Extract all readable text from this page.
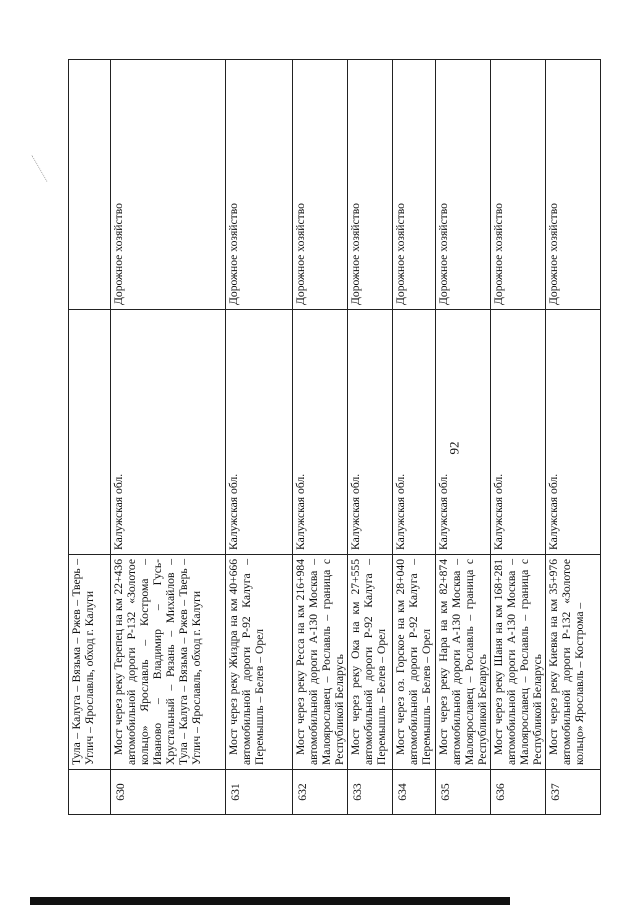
92

	Тула – Калуга – Вязьма – Ржев – Тверь – Углич – Ярославль, обход г. Калуги		

630	Мост через реку Терепец на км 22+436 автомобильной дороги Р-132 «Золотое кольцо» Ярославль – Кострома – Иваново – Владимир – Гусь-Хрустальный – Рязань – Михайлов – Тула – Калуга – Вязьма – Ржев – Тверь – Углич – Ярославль, обход г. Калуги	Калужская обл.	Дорожное хозяйство
631	Мост через реку Жиздра на км 40+666 автомобильной дороги Р-92 Калуга – Перемышль – Белев – Орел	Калужская обл.	Дорожное хозяйство
632	Мост через реку Ресса на км 216+984 автомобильной дороги А-130 Москва – Малоярославец – Рославль – граница с Республикой Беларусь	Калужская обл.	Дорожное хозяйство
633	Мост через реку Ока на км 27+555 автомобильной дороги Р-92 Калуга – Перемышль – Белев – Орел	Калужская обл.	Дорожное хозяйство
634	Мост через оз. Горское на км 28+040 автомобильной дороги Р-92 Калуга – Перемышль – Белев – Орел	Калужская обл.	Дорожное хозяйство
635	Мост через реку Нара на км 82+874 автомобильной дороги А-130 Москва – Малоярославец – Рославль – граница с Республикой Беларусь	Калужская обл.	Дорожное хозяйство
636	Мост через реку Шаня на км 168+281 автомобильной дороги А-130 Москва – Малоярославец – Рославль – граница с Республикой Беларусь	Калужская обл.	Дорожное хозяйство
637	Мост через реку Киевка на км 35+976 автомобильной дороги Р-132 «Золотое кольцо» Ярославль – Кострома –	Калужская обл.	Дорожное хозяйство
